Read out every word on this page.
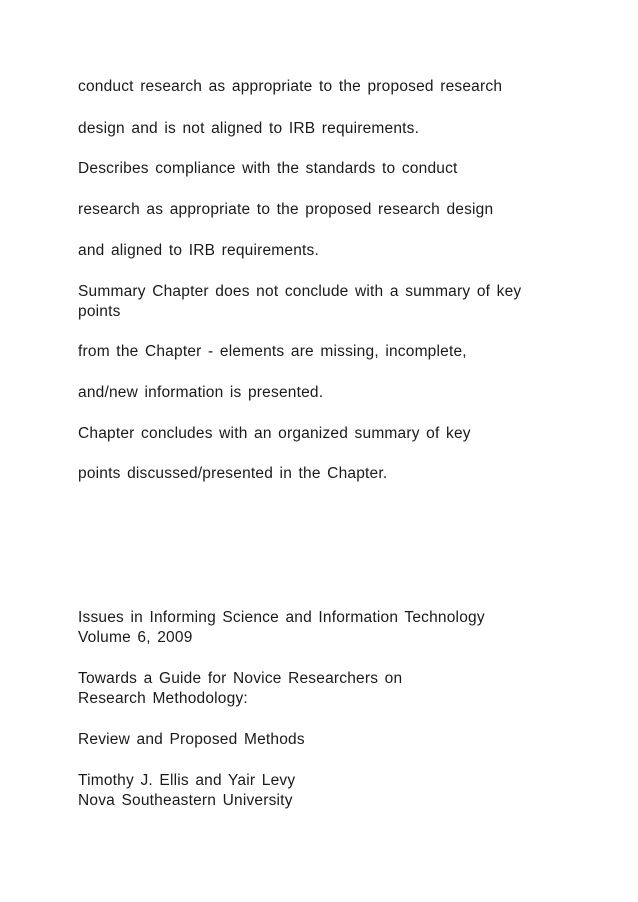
conduct research as appropriate to the proposed research
design and is not aligned to IRB requirements.
Describes compliance with the standards to conduct
research as appropriate to the proposed research design
and aligned to IRB requirements.
Summary Chapter does not conclude with a summary of key
points
from the Chapter - elements are missing, incomplete,
and/new information is presented.
Chapter concludes with an organized summary of key
points discussed/presented in the Chapter.
Issues in Informing Science and Information Technology
Volume 6, 2009
Towards a Guide for Novice Researchers on
Research Methodology:
Review and Proposed Methods
Timothy J. Ellis and Yair Levy
Nova Southeastern University
